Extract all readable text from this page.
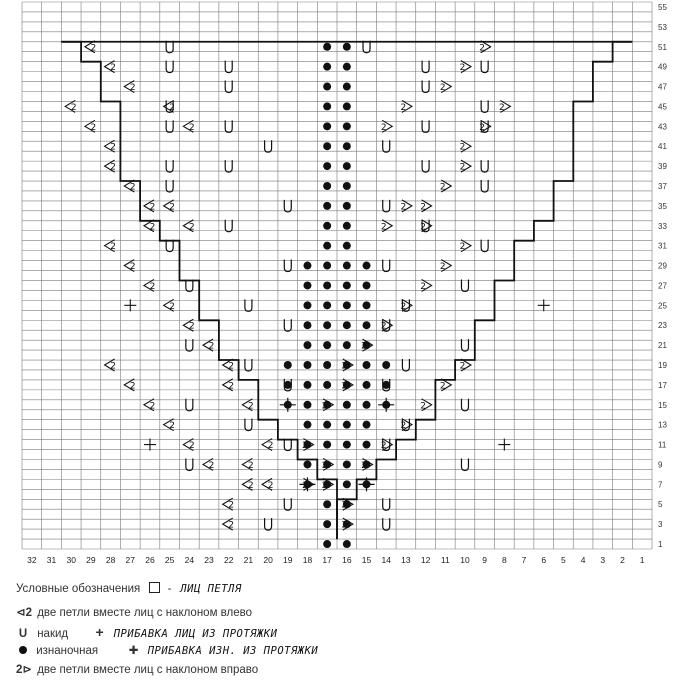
2
2
2
2
2
2
2
2
2
2
2
2
2
2
2
2
2
2
2
2
2
2
2
2
2
2
2
2
2
2
2
2
2
2
2
2
2
2
2
2
2
2
2
2
2
2
2
2
2
2
2
2
2
2
2
2
2
2
2
2
2
2
2
2
2
2
2
2
2
2
32 31 30 29 28 27 26 25 24 23 22 21 20 19 18 17 16 15 14 13 12 11 10 9 8 7 6 5 4 3 2 1
1
3
5
7
9
11
13
15
17
19
21
23
25
27
29
31
33
35
37
39
41
43
45
47
49
51
53
55
Условные обозначения	- ЛИЦ ПЕТЛЯ
⊲2 две петли вместе лиц с наклоном влево
U накид + ПРИБАВКА ЛИЦ ИЗ ПРОТЯЖКИ
изнаночная	✚ ПРИБАВКА ИЗН. ИЗ ПРОТЯЖКИ
2⊳ две петли вместе лиц с наклоном вправо
